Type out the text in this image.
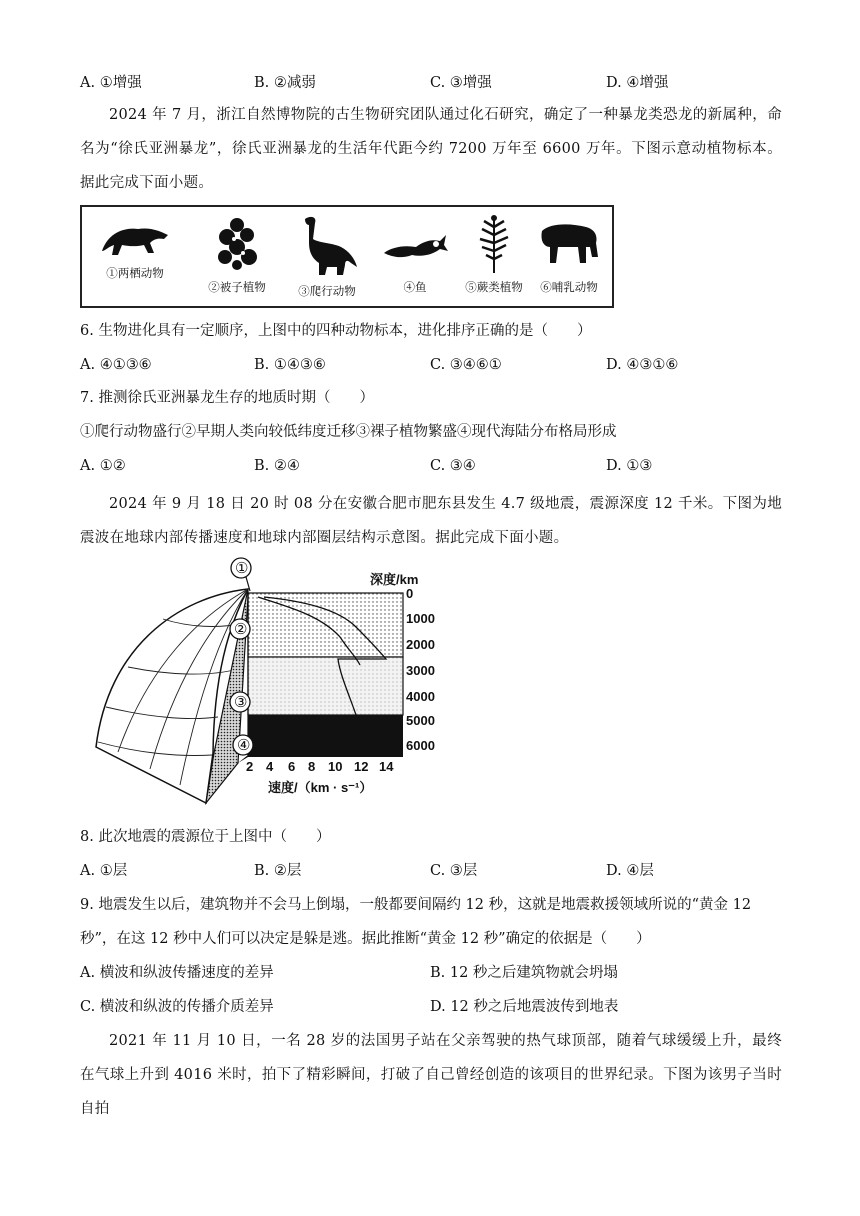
A. ①增强	B. ②减弱	C. ③增强	D. ④增强

2024 年 7 月，浙江自然博物院的古生物研究团队通过化石研究，确定了一种暴龙类恐龙的新属种，命名为“徐氏亚洲暴龙”，徐氏亚洲暴龙的生活年代距今约 7200 万年至 6600 万年。下图示意动植物标本。据此完成下面小题。

①两栖动物
②被子植物	③爬行动物	④鱼	⑤蕨类植物	⑥哺乳动物
6. 生物进化具有一定顺序，上图中的四种动物标本，进化排序正确的是（　　）
A. ④①③⑥	B. ①④③⑥	C. ③④⑥①	D. ④③①⑥
7. 推测徐氏亚洲暴龙生存的地质时期（　　）
①爬行动物盛行②早期人类向较低纬度迁移③裸子植物繁盛④现代海陆分布格局形成
A. ①②	B. ②④	C. ③④	D. ①③

2024 年 9 月 18 日 20 时 08 分在安徽合肥市肥东县发生 4.7 级地震，震源深度 12 千米。下图为地震波在地球内部传播速度和地球内部圈层结构示意图。据此完成下面小题。

①
②
③
④
深度/km
0
1000
2000
3000
4000
5000
6000
2 4 6 8 10 12 14
速度/（km · s⁻¹）
8. 此次地震的震源位于上图中（　　）
A. ①层	B. ②层	C. ③层	D. ④层
9. 地震发生以后，建筑物并不会马上倒塌，一般都要间隔约 12 秒，这就是地震救援领域所说的“黄金 12
秒”，在这 12 秒中人们可以决定是躲是逃。据此推断“黄金 12 秒”确定的依据是（　　）
A. 横波和纵波传播速度的差异	B. 12 秒之后建筑物就会坍塌
C. 横波和纵波的传播介质差异	D. 12 秒之后地震波传到地表

2021 年 11 月 10 日，一名 28 岁的法国男子站在父亲驾驶的热气球顶部，随着气球缓缓上升，最终在气球上升到 4016 米时，拍下了精彩瞬间，打破了自己曾经创造的该项目的世界纪录。下图为该男子当时自拍
